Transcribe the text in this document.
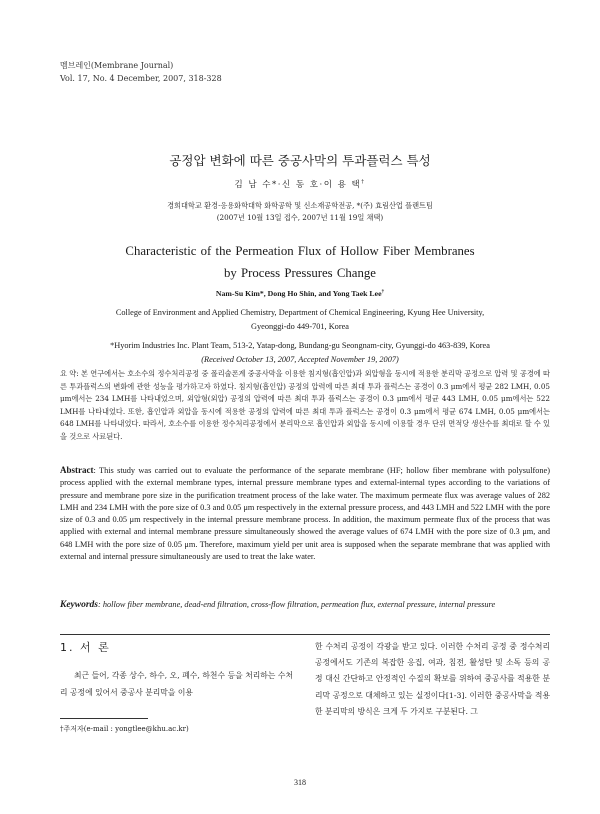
멤브레인(Membrane Journal)
Vol. 17, No. 4 December, 2007, 318-328
공정압 변화에 따른 중공사막의 투과플럭스 특성
김 남 수*·신 동 호·이 용 택†
경희대학교 환경·응용화학대학 화학공학 및 신소재공학전공, *(주) 효림산업 플랜트팀
(2007년 10월 13일 접수, 2007년 11월 19일 채택)
Characteristic of the Permeation Flux of Hollow Fiber Membranes
by Process Pressures Change
Nam-Su Kim*, Dong Ho Shin, and Yong Taek Lee†
College of Environment and Applied Chemistry, Department of Chemical Engineering, Kyung Hee University,
Gyeonggi-do 449-701, Korea
*Hyorim Industries Inc. Plant Team, 513-2, Yatap-dong, Bundang-gu Seongnam-city, Gyunggi-do 463-839, Korea
(Received October 13, 2007, Accepted November 19, 2007)
요 약: 본 연구에서는 호소수의 정수처리공정 중 폴리술폰계 중공사막을 이용한 침지형(흡인압)과 외압형을 동시에 적용한 분리막 공정으로 압력 및 공경에 따른 투과플럭스의 변화에 관한 성능을 평가하고자 하였다. 침지형(흡인압) 공정의 압력에 따른 최대 투과 플럭스는 공경이 0.3 μm에서 평균 282 LMH, 0.05 μm에서는 234 LMH를 나타내었으며, 외압형(외압) 공정의 압력에 따른 최대 투과 플럭스는 공경이 0.3 μm에서 평균 443 LMH, 0.05 μm에서는 522 LMH를 나타내었다. 또한, 흡인압과 외압을 동시에 적용한 공정의 압력에 따른 최대 투과 플럭스는 공경이 0.3 μm에서 평균 674 LMH, 0.05 μm에서는 648 LMH를 나타내었다. 따라서, 호소수를 이용한 정수처리공정에서 분리막으로 흡인압과 외압을 동시에 이용할 경우 단위 면적당 생산수를 최대로 할 수 있을 것으로 사료된다.
Abstract: This study was carried out to evaluate the performance of the separate membrane (HF; hollow fiber membrane with polysulfone) process applied with the external membrane types, internal pressure membrane types and external-internal types according to the variations of pressure and membrane pore size in the purification treatment process of the lake water. The maximum permeate flux was average values of 282 LMH and 234 LMH with the pore size of 0.3 and 0.05 μm respectively in the external pressure process, and 443 LMH and 522 LMH with the pore size of 0.3 and 0.05 μm respectively in the internal pressure membrane process. In addition, the maximum permeate flux of the process that was applied with external and internal membrane pressure simultaneously showed the average values of 674 LMH with the pore size of 0.3 μm, and 648 LMH with the pore size of 0.05 μm. Therefore, maximum yield per unit area is supposed when the separate membrane that was applied with external and internal pressure simultaneously are used to treat the lake water.
Keywords: hollow fiber membrane, dead-end filtration, cross-flow filtration, permeation flux, external pressure, internal pressure
1. 서 론
최근 들어, 각종 상수, 하수, 오, 폐수, 하천수 등을 처리하는 수처리 공정에 있어서 중공사 분리막을 이용
한 수처리 공정이 각광을 받고 있다. 이러한 수처리 공정 중 정수처리 공정에서도 기존의 복잡한 응집, 여과, 침전, 활성탄 및 소독 등의 공정 대신 간단하고 안정적인 수질의 확보를 위하여 중공사를 적용한 분리막 공정으로 대체하고 있는 실정이다[1-3]. 이러한 중공사막을 적용한 분리막의 방식은 크게 두 가지로 구분된다. 그
†주저자(e-mail : yongtlee@khu.ac.kr)
318
